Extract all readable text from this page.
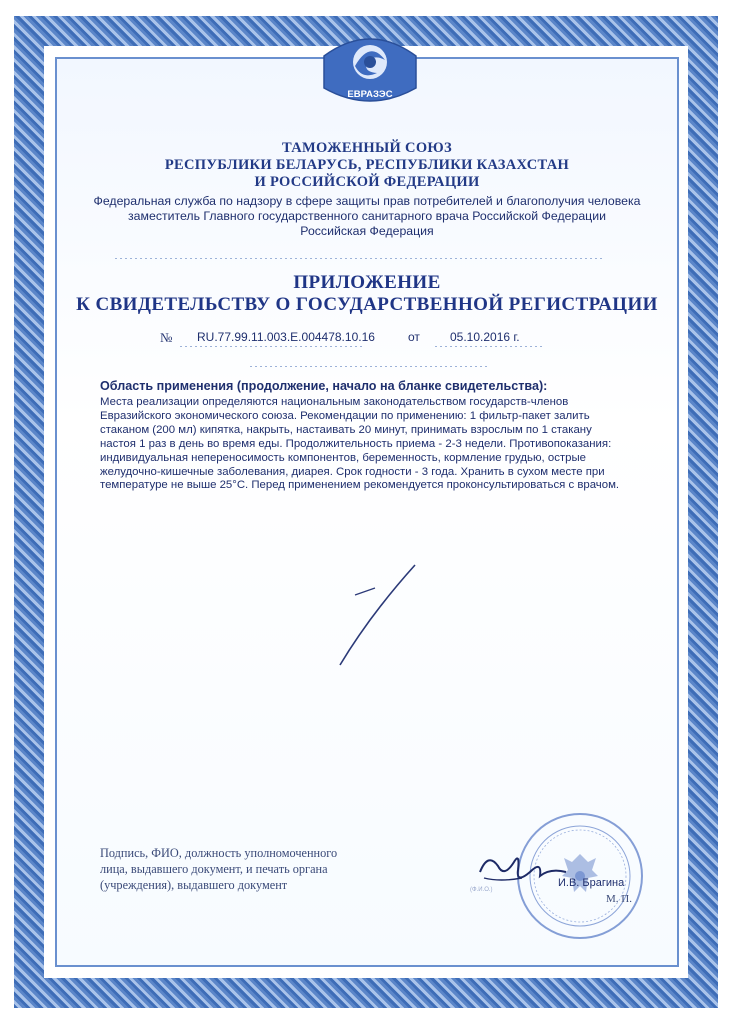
ЕВРАЗЭС
ТАМОЖЕННЫЙ СОЮЗ
РЕСПУБЛИКИ БЕЛАРУСЬ, РЕСПУБЛИКИ КАЗАХСТАН
И РОССИЙСКОЙ ФЕДЕРАЦИИ
Федеральная служба по надзору в сфере защиты прав потребителей и благополучия человека
заместитель Главного государственного санитарного врача Российской Федерации
Российская Федерация
ПРИЛОЖЕНИЕ
К СВИДЕТЕЛЬСТВУ О ГОСУДАРСТВЕННОЙ РЕГИСТРАЦИИ
№ RU.77.99.11.003.E.004478.10.16	от	05.10.2016 г.
Область применения (продолжение, начало на бланке свидетельства):
Места реализации определяются национальным законодательством государств-членов
Евразийского экономического союза. Рекомендации по применению: 1 фильтр-пакет залить
стаканом (200 мл) кипятка, накрыть, настаивать 20 минут, принимать взрослым по 1 стакану
настоя 1 раз в день во время еды. Продолжительность приема - 2-3 недели. Противопоказания:
индивидуальная непереносимость компонентов, беременность, кормление грудью, острые
желудочно-кишечные заболевания, диарея. Срок годности - 3 года. Хранить в сухом месте при
температуре не выше 25°C. Перед применением рекомендуется проконсультироваться с врачом.
Подпись, ФИО, должность уполномоченного
лица, выдавшего документ, и печать органа
(учреждения), выдавшего документ	(Ф.И.О.)
И.В. Брагина
М. П.
